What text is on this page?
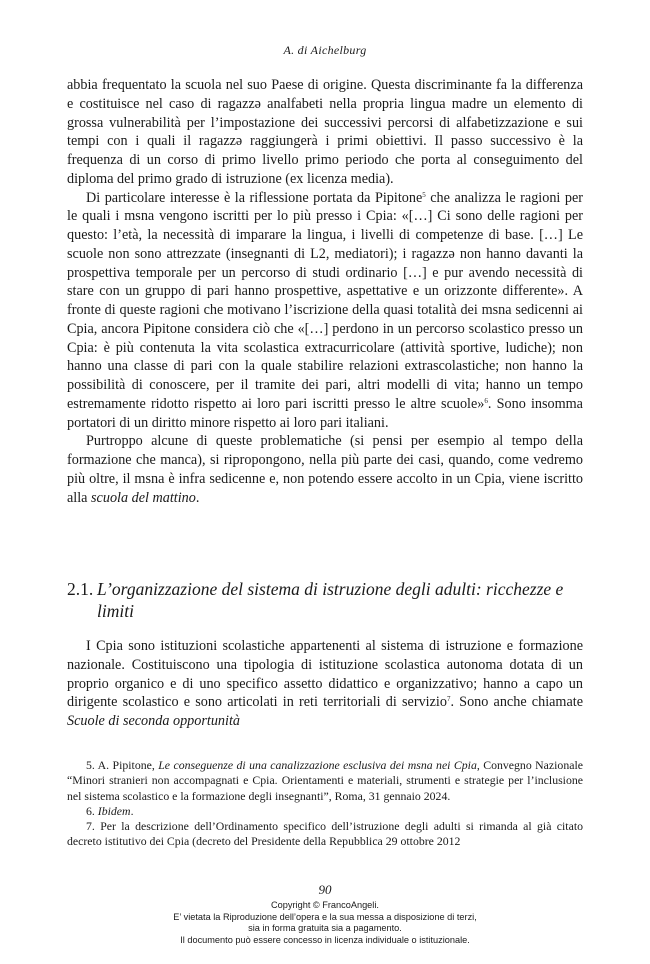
A. di Aichelburg

abbia frequentato la scuola nel suo Paese di origine. Questa discriminante fa la differenza e costituisce nel caso di ragazzə analfabeti nella propria lingua madre un elemento di grossa vulnerabilità per l’impostazione dei successivi percorsi di alfabetizzazione e sui tempi con i quali il ragazzə raggiungerà i primi obiettivi. Il passo successivo è la frequenza di un corso di primo livello primo periodo che porta al conseguimento del diploma del primo grado di istruzione (ex licenza media).

Di particolare interesse è la riflessione portata da Pipitone$^5$ che analizza le ragioni per le quali i msna vengono iscritti per lo più presso i Cpia: «[…] Ci sono delle ragioni per questo: l’età, la necessità di imparare la lingua, i livelli di competenze di base. […] Le scuole non sono attrezzate (insegnanti di L2, mediatori); i ragazzə non hanno davanti la prospettiva temporale per un percorso di studi ordinario […] e pur avendo necessità di stare con un gruppo di pari hanno prospettive, aspettative e un orizzonte differente». A fronte di queste ragioni che motivano l’iscrizione della quasi totalità dei msna sedicenni ai Cpia, ancora Pipitone considera ciò che «[…] perdono in un percorso scolastico presso un Cpia: è più contenuta la vita scolastica extracurricolare (attività sportive, ludiche); non hanno una classe di pari con la quale stabilire relazioni extrascolastiche; non hanno la possibilità di conoscere, per il tramite dei pari, altri modelli di vita; hanno un tempo estremamente ridotto rispetto ai loro pari iscritti presso le altre scuole»$^6$. Sono insomma portatori di un diritto minore rispetto ai loro pari italiani.

Purtroppo alcune di queste problematiche (si pensi per esempio al tempo della formazione che manca), si ripropongono, nella più parte dei casi, quando, come vedremo più oltre, il msna è infra sedicenne e, non potendo essere accolto in un Cpia, viene iscritto alla scuola del mattino.

2.1. L’organizzazione del sistema di istruzione degli adulti: ricchezze e limiti

I Cpia sono istituzioni scolastiche appartenenti al sistema di istruzione e formazione nazionale. Costituiscono una tipologia di istituzione scolastica autonoma dotata di un proprio organico e di uno specifico assetto didattico e organizzativo; hanno a capo un dirigente scolastico e sono articolati in reti territoriali di servizio$^7$. Sono anche chiamate Scuole di seconda opportunità

5. A. Pipitone, Le conseguenze di una canalizzazione esclusiva dei msna nei Cpia, Convegno Nazionale “Minori stranieri non accompagnati e Cpia. Orientamenti e materiali, strumenti e strategie per l’inclusione nel sistema scolastico e la formazione degli insegnanti”, Roma, 31 gennaio 2024.

6. Ibidem.

7. Per la descrizione dell’Ordinamento specifico dell’istruzione degli adulti si rimanda al già citato decreto istitutivo dei Cpia (decreto del Presidente della Repubblica 29 ottobre 2012

90
Copyright © FrancoAngeli.
E’ vietata la Riproduzione dell’opera e la sua messa a disposizione di terzi,
sia in forma gratuita sia a pagamento.
Il documento può essere concesso in licenza individuale o istituzionale.
